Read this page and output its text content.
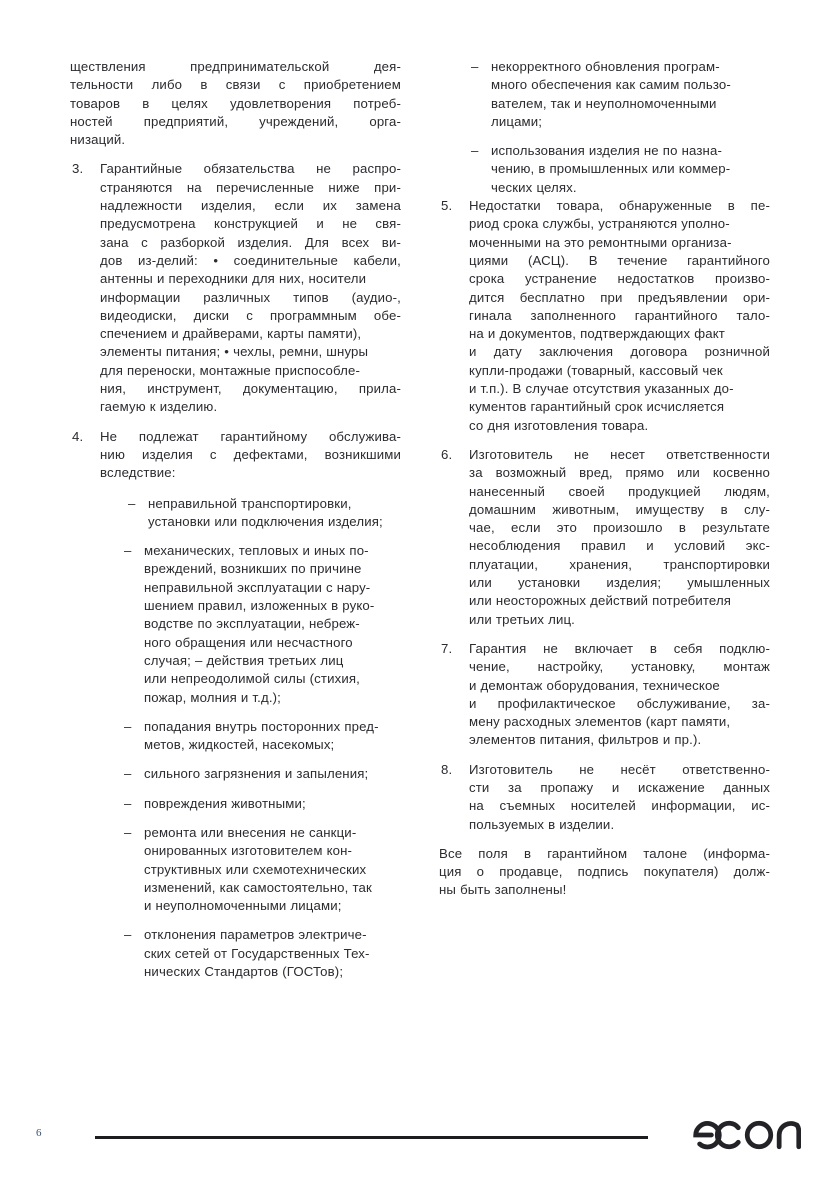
ществления предпринимательской дея-
тельности либо в связи с приобретением
товаров в целях удовлетворения потреб-
ностей предприятий, учреждений, орга-
низаций.

3.	Гарантийные обязательства не распро-
страняются на перечисленные ниже при-
надлежности изделия, если их замена
предусмотрена конструкцией и не свя-
зана с разборкой изделия. Для всех ви-
дов из-делий: • соединительные кабели,
антенны и переходники для них, носители
информации различных типов (аудио-,
видеодиски, диски с программным обе-
спечением и драйверами, карты памяти),
элементы питания; • чехлы, ремни, шнуры
для переноски, монтажные приспособле-
ния, инструмент, документацию, прила-
гаемую к изделию.
4.	Не подлежат гарантийному обслужива-
нию изделия с дефектами, возникшими
вследствие:
– неправильной транспортировки,
установки или подключения изделия;
– механических, тепловых и иных по-
вреждений, возникших по причине
неправильной эксплуатации с нару-
шением правил, изложенных в руко-
водстве по эксплуатации, небреж-
ного обращения или несчастного
случая; – действия третьих лиц
или непреодолимой силы (стихия,
пожар, молния и т.д.);
– попадания внутрь посторонних пред-
метов, жидкостей, насекомых;
– сильного загрязнения и запыления;
– повреждения животными;
– ремонта или внесения не санкци-
онированных изготовителем кон-
структивных или схемотехнических
изменений, как самостоятельно, так
и неуполномоченными лицами;
– отклонения параметров электриче-
ских сетей от Государственных Тех-
нических Стандартов (ГОСТов);
– некорректного обновления програм-
много обеспечения как самим пользо-
вателем, так и неуполномоченными
лицами;
– использования изделия не по назна-
чению, в промышленных или коммер-
ческих целях.
5.	Недостатки товара, обнаруженные в пе-
риод срока службы, устраняются уполно-
моченными на это ремонтными организа-
циями (АСЦ). В течение гарантийного
срока устранение недостатков произво-
дится бесплатно при предъявлении ори-
гинала заполненного гарантийного тало-
на и документов, подтверждающих факт
и дату заключения договора розничной
купли-продажи (товарный, кассовый чек
и т.п.). В случае отсутствия указанных до-
кументов гарантийный срок исчисляется
со дня изготовления товара.
6.	Изготовитель не несет ответственности
за возможный вред, прямо или косвенно
нанесенный своей продукцией людям,
домашним животным, имуществу в слу-
чае, если это произошло в результате
несоблюдения правил и условий экс-
плуатации, хранения, транспортировки
или установки изделия; умышленных
или неосторожных действий потребителя
или третьих лиц.
7.	Гарантия не включает в себя подклю-
чение, настройку, установку, монтаж
и демонтаж оборудования, техническое
и профилактическое обслуживание, за-
мену расходных элементов (карт памяти,
элементов питания, фильтров и пр.).
8.	Изготовитель не несёт ответственно-
сти за пропажу и искажение данных
на съемных носителей информации, ис-
пользуемых в изделии.

Все поля в гарантийном талоне (информа-
ция о продавце, подпись покупателя) долж-
ны быть заполнены!

6
